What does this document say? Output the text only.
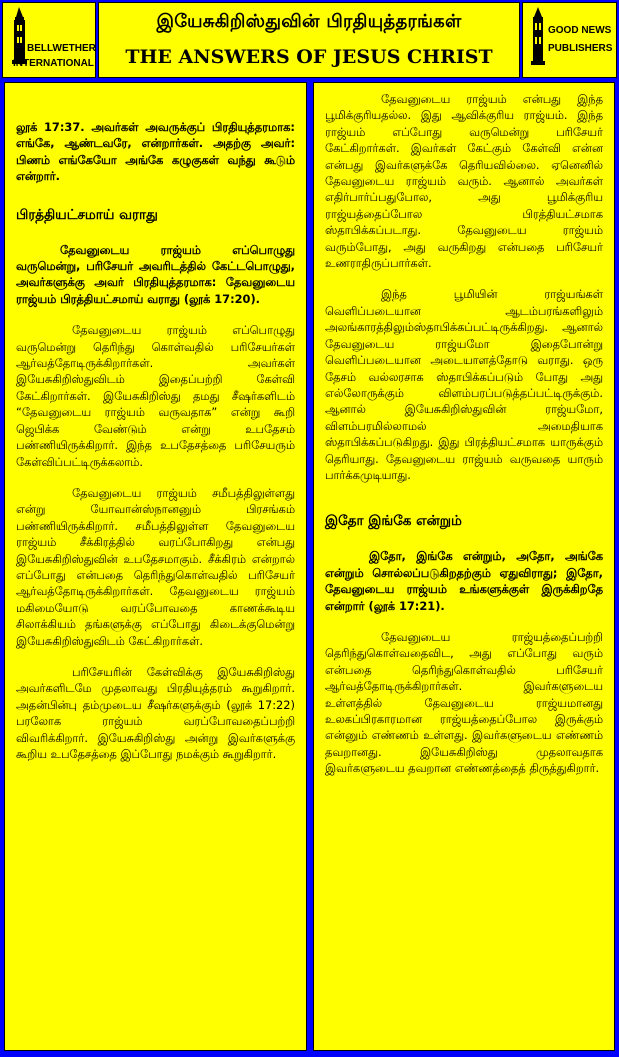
BELLWETHER
INTERNATIONAL
இயேசுகிறிஸ்துவின் பிரதியுத்தரங்கள்
THE ANSWERS OF JESUS CHRIST
GOOD NEWS
PUBLISHERS

லூக் 17:37. அவர்கள் அவருக்குப் பிரதியுத்தரமாக: எங்கே, ஆண்டவரே, என்றார்கள். அதற்கு அவர்: பிணம் எங்கேயோ அங்கே கழுகுகள் வந்து கூடும் என்றார்.

பிரத்தியட்சமாய் வராது

தேவனுடைய ராஜ்யம் எப்பொழுது வருமென்று, பரிசேயர் அவரிடத்தில் கேட்டபொழுது, அவர்களுக்கு அவர் பிரதியுத்தரமாக: தேவனுடைய ராஜ்யம் பிரத்தியட்சமாய் வராது (லூக் 17:20).

தேவனுடைய ராஜ்யம் எப்பொழுது வருமென்று தெரிந்து கொள்வதில் பரிசேயர்கள் ஆர்வத்தோடிருக்கிறார்கள். அவர்கள் இயேசுகிறிஸ்துவிடம் இதைப்பற்றி கேள்வி கேட்கிறார்கள். இயேசுகிறிஸ்து தமது சீஷர்களிடம் “தேவனுடைய ராஜ்யம் வருவதாக” என்று கூறி ஜெபிக்க வேண்டும் என்று உபதேசம் பண்ணியிருக்கிறார். இந்த உபதேசத்தை பரிசேயரும் கேள்விப்பட்டிருக்கலாம்.

தேவனுடைய ராஜ்யம் சமீபத்திலுள்ளது என்று யோவான்ஸ்நானனும் பிரசங்கம் பண்ணியிருக்கிறார். சமீபத்திலுள்ள தேவனுடைய ராஜ்யம் சீக்கிரத்தில் வரப்போகிறது என்பது இயேசுகிறிஸ்துவின் உபதேசமாகும். சீக்கிரம் என்றால் எப்போது என்பதை தெரிந்துகொள்வதில் பரிசேயர் ஆர்வத்தோடிருக்கிறார்கள். தேவனுடைய ராஜ்யம் மகிமையோடு வரப்போவதை காணக்கூடிய சிலாக்கியம் தங்களுக்கு எப்போது கிடைக்குமென்று இயேசுகிறிஸ்துவிடம் கேட்கிறார்கள்.

பரிசேயரின் கேள்விக்கு இயேசுகிறிஸ்து அவர்களிடமே முதலாவது பிரதியுத்தரம் கூறுகிறார். அதன்பின்பு தம்முடைய சீஷர்களுக்கும் (லூக் 17:22) பரலோக ராஜ்யம் வரப்போவதைப்பற்றி விவரிக்கிறார். இயேசுகிறிஸ்து அன்று இவர்களுக்கு கூறிய உபதேசத்தை இப்போது நமக்கும் கூறுகிறார்.

தேவனுடைய ராஜ்யம் என்பது இந்த பூமிக்குரியதல்ல. இது ஆவிக்குரிய ராஜ்யம். இந்த ராஜ்யம் எப்போது வருமென்று பரிசேயர் கேட்கிறார்கள். இவர்கள் கேட்கும் கேள்வி என்ன என்பது இவர்களுக்கே தெரியவில்லை. ஏனெனில் தேவனுடைய ராஜ்யம் வரும். ஆனால் அவர்கள் எதிர்பார்ப்பதுபோல, அது பூமிக்குரிய ராஜ்யத்தைப்போல பிரத்தியட்சமாக ஸ்தாபிக்கப்படாது. தேவனுடைய ராஜ்யம் வரும்போது, அது வருகிறது என்பதை பரிசேயர் உணராதிருப்பார்கள்.

இந்த பூமியின் ராஜ்யங்கள் வெளிப்படையான ஆடம்பரங்களிலும் அலங்காரத்திலும்ஸ்தாபிக்கப்பட்டிருக்கிறது. ஆனால் தேவனுடைய ராஜ்யமோ இதைபோன்று வெளிப்படையான அடையாளத்தோடு வராது. ஒரு தேசம் வல்லரசாக ஸ்தாபிக்கப்படும் போது அது எல்லோருக்கும் விளம்பரப்படுத்தப்பட்டிருக்கும். ஆனால் இயேசுகிறிஸ்துவின் ராஜ்யமோ, விளம்பரமில்லாமல் அமைதியாக ஸ்தாபிக்கப்படுகிறது. இது பிரத்தியட்சமாக யாருக்கும் தெரியாது. தேவனுடைய ராஜ்யம் வருவதை யாரும் பார்க்கமுடியாது.

இதோ இங்கே என்றும்

இதோ, இங்கே என்றும், அதோ, அங்கே என்றும் சொல்லப்படுகிறதற்கும் ஏதுவிராது; இதோ, தேவனுடைய ராஜ்யம் உங்களுக்குள் இருக்கிறதே என்றார் (லூக் 17:21).

தேவனுடைய ராஜ்யத்தைப்பற்றி தெரிந்துகொள்வதைவிட, அது எப்போது வரும் என்பதை தெரிந்துகொள்வதில் பரிசேயர் ஆர்வத்தோடிருக்கிறார்கள். இவர்களுடைய உள்ளத்தில் தேவனுடைய ராஜ்யமானது உலகப்பிரகாரமான ராஜ்யத்தைப்போல இருக்கும் என்னும் எண்ணம் உள்ளது. இவர்களுடைய எண்ணம் தவறானது. இயேசுகிறிஸ்து முதலாவதாக இவர்களுடைய தவறான எண்ணத்தைத் திருத்துகிறார்.
